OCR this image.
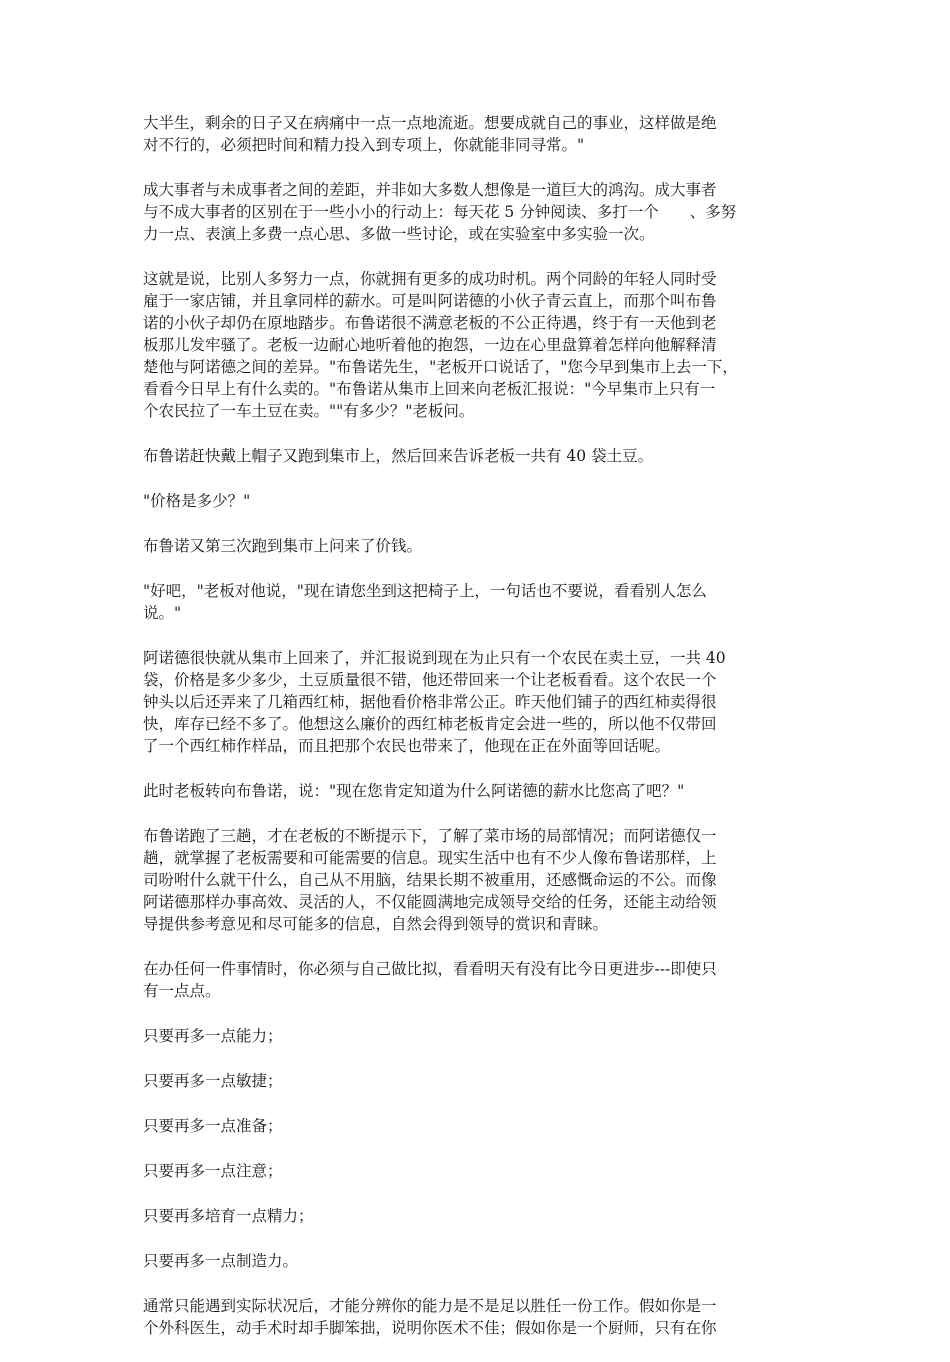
大半生，剩余的日子又在病痛中一点一点地流逝。想要成就自己的事业，这样做是绝
对不行的，必须把时间和精力投入到专项上，你就能非同寻常。"

成大事者与未成事者之间的差距，并非如大多数人想像是一道巨大的鸿沟。成大事者
与不成大事者的区别在于一些小小的行动上：每天花 5 分钟阅读、多打一个　　、多努
力一点、表演上多费一点心思、多做一些讨论，或在实验室中多实验一次。

这就是说，比别人多努力一点，你就拥有更多的成功时机。两个同龄的年轻人同时受
雇于一家店铺，并且拿同样的薪水。可是叫阿诺德的小伙子青云直上，而那个叫布鲁
诺的小伙子却仍在原地踏步。布鲁诺很不满意老板的不公正待遇，终于有一天他到老
板那儿发牢骚了。老板一边耐心地听着他的抱怨，一边在心里盘算着怎样向他解释清
楚他与阿诺德之间的差异。"布鲁诺先生，"老板开口说话了，"您今早到集市上去一下，
看看今日早上有什么卖的。"布鲁诺从集市上回来向老板汇报说："今早集市上只有一
个农民拉了一车土豆在卖。""有多少？"老板问。

布鲁诺赶快戴上帽子又跑到集市上，然后回来告诉老板一共有 40 袋土豆。

"价格是多少？"

布鲁诺又第三次跑到集市上问来了价钱。

"好吧，"老板对他说，"现在请您坐到这把椅子上，一句话也不要说，看看别人怎么
说。"

阿诺德很快就从集市上回来了，并汇报说到现在为止只有一个农民在卖土豆，一共 40
袋，价格是多少多少，土豆质量很不错，他还带回来一个让老板看看。这个农民一个
钟头以后还弄来了几箱西红柿，据他看价格非常公正。昨天他们铺子的西红柿卖得很
快，库存已经不多了。他想这么廉价的西红柿老板肯定会进一些的，所以他不仅带回
了一个西红柿作样品，而且把那个农民也带来了，他现在正在外面等回话呢。

此时老板转向布鲁诺，说："现在您肯定知道为什么阿诺德的薪水比您高了吧？"

布鲁诺跑了三趟，才在老板的不断提示下，了解了菜市场的局部情况；而阿诺德仅一
趟，就掌握了老板需要和可能需要的信息。现实生活中也有不少人像布鲁诺那样，上
司吩咐什么就干什么，自己从不用脑，结果长期不被重用，还感慨命运的不公。而像
阿诺德那样办事高效、灵活的人，不仅能圆满地完成领导交给的任务，还能主动给领
导提供参考意见和尽可能多的信息，自然会得到领导的赏识和青睐。

在办任何一件事情时，你必须与自己做比拟，看看明天有没有比今日更进步---即使只
有一点点。

只要再多一点能力；

只要再多一点敏捷；

只要再多一点准备；

只要再多一点注意；

只要再多培育一点精力；

只要再多一点制造力。

通常只能遇到实际状况后，才能分辨你的能力是不是足以胜任一份工作。假如你是一
个外科医生，动手术时却手脚笨拙，说明你医术不佳；假如你是一个厨师，只有在你
